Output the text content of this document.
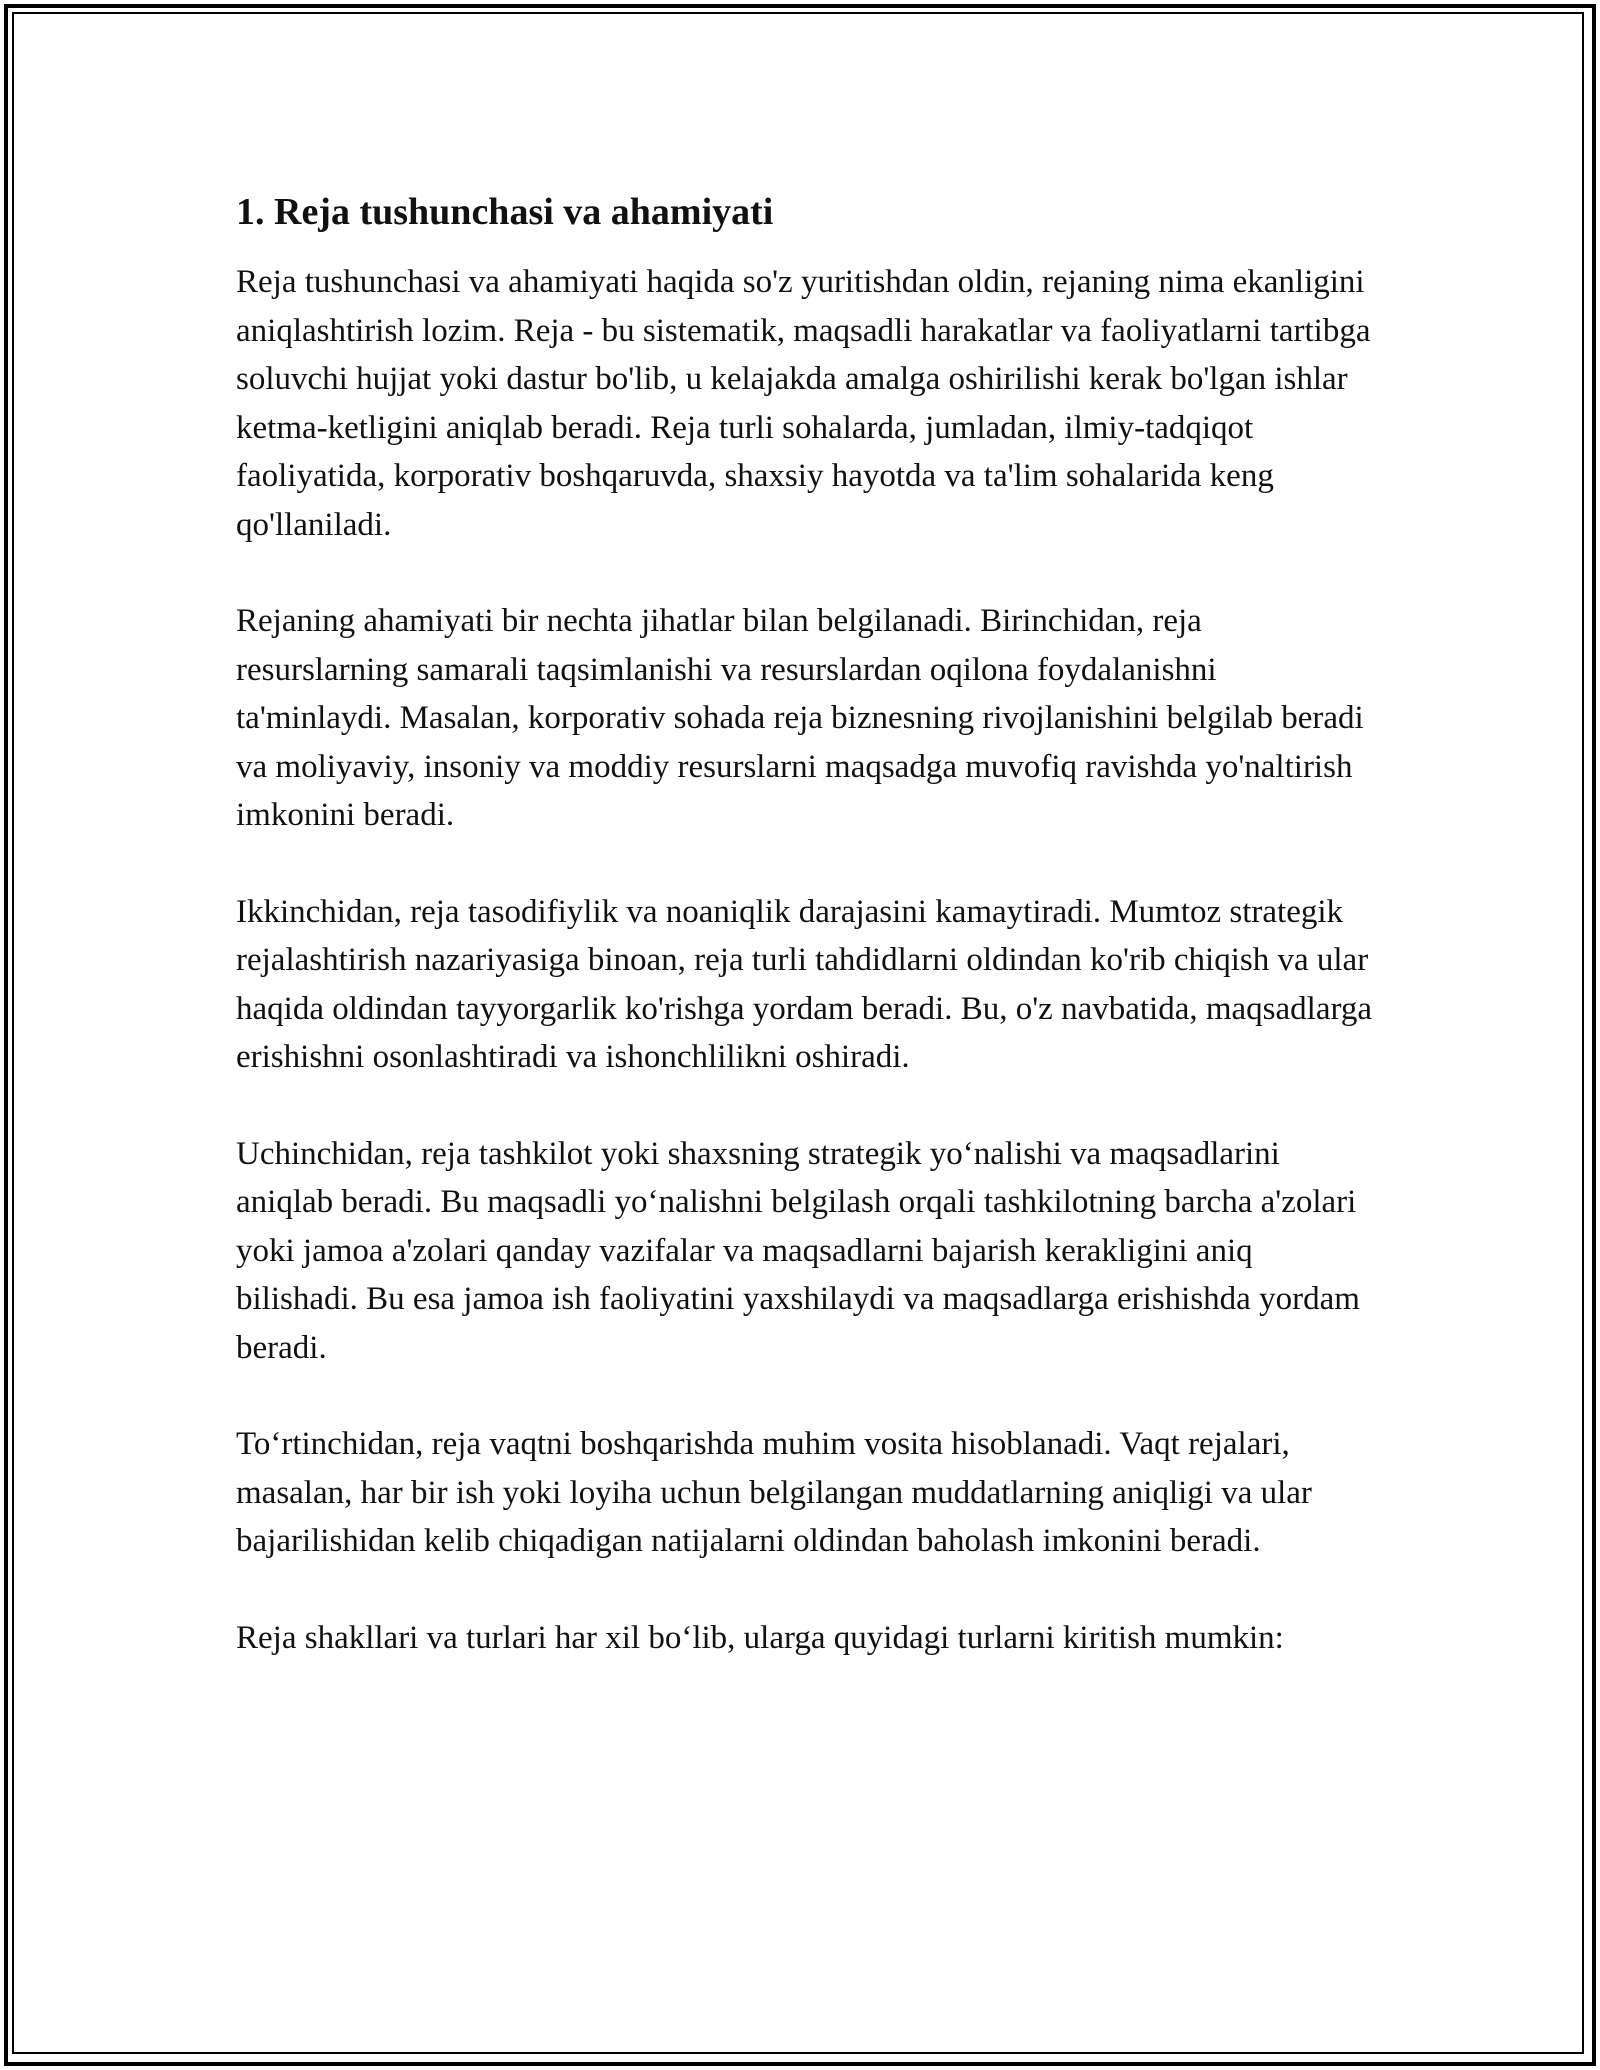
1. Reja tushunchasi va ahamiyati

Reja tushunchasi va ahamiyati haqida so'z yuritishdan oldin, rejaning nima ekanligini aniqlashtirish lozim. Reja - bu sistematik, maqsadli harakatlar va faoliyatlarni tartibga soluvchi hujjat yoki dastur bo'lib, u kelajakda amalga oshirilishi kerak bo'lgan ishlar ketma-ketligini aniqlab beradi. Reja turli sohalarda, jumladan, ilmiy-tadqiqot faoliyatida, korporativ boshqaruvda, shaxsiy hayotda va ta'lim sohalarida keng qo'llaniladi.

Rejaning ahamiyati bir nechta jihatlar bilan belgilanadi. Birinchidan, reja resurslarning samarali taqsimlanishi va resurslardan oqilona foydalanishni ta'minlaydi. Masalan, korporativ sohada reja biznesning rivojlanishini belgilab beradi va moliyaviy, insoniy va moddiy resurslarni maqsadga muvofiq ravishda yo'naltirish imkonini beradi.

Ikkinchidan, reja tasodifiylik va noaniqlik darajasini kamaytiradi. Mumtoz strategik rejalashtirish nazariyasiga binoan, reja turli tahdidlarni oldindan ko'rib chiqish va ular haqida oldindan tayyorgarlik ko'rishga yordam beradi. Bu, o'z navbatida, maqsadlarga erishishni osonlashtiradi va ishonchlilikni oshiradi.

Uchinchidan, reja tashkilot yoki shaxsning strategik yo‘nalishi va maqsadlarini aniqlab beradi. Bu maqsadli yo‘nalishni belgilash orqali tashkilotning barcha a'zolari yoki jamoa a'zolari qanday vazifalar va maqsadlarni bajarish kerakligini aniq bilishadi. Bu esa jamoa ish faoliyatini yaxshilaydi va maqsadlarga erishishda yordam beradi.

To‘rtinchidan, reja vaqtni boshqarishda muhim vosita hisoblanadi. Vaqt rejalari, masalan, har bir ish yoki loyiha uchun belgilangan muddatlarning aniqligi va ular bajarilishidan kelib chiqadigan natijalarni oldindan baholash imkonini beradi.

Reja shakllari va turlari har xil bo‘lib, ularga quyidagi turlarni kiritish mumkin:
